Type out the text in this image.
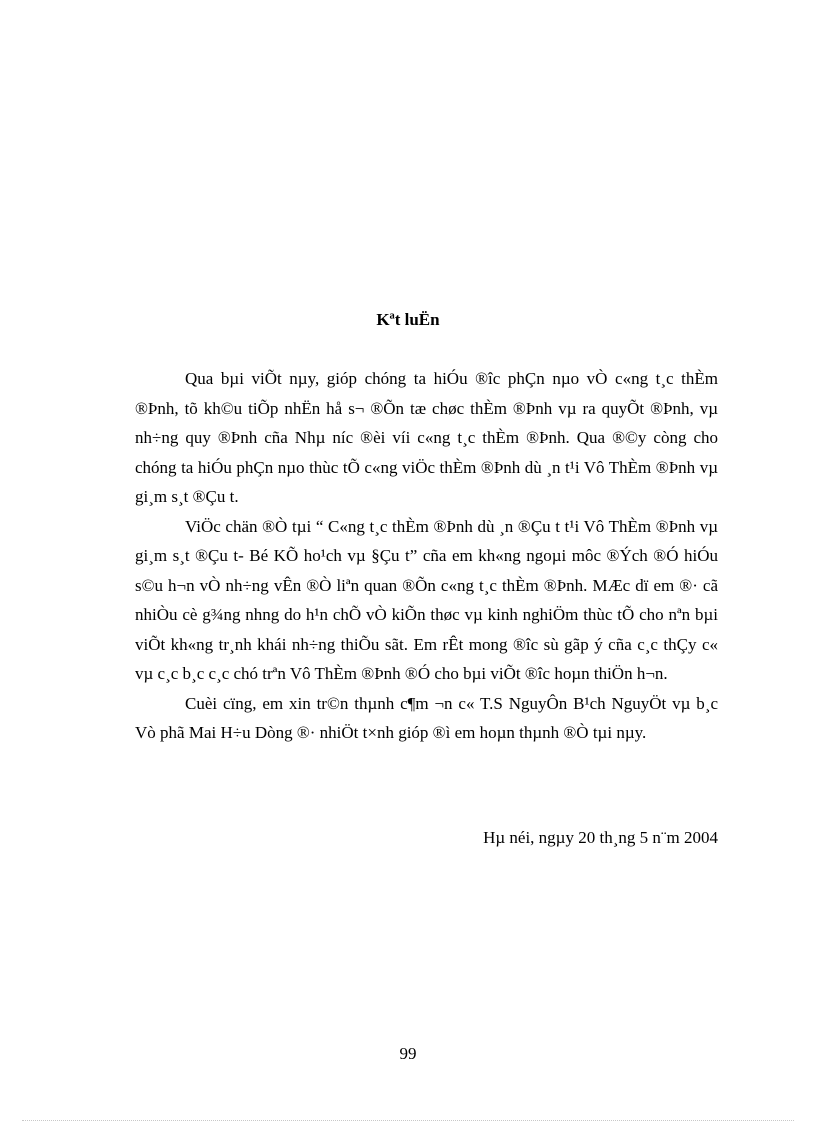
Kªt luËn

Qua bµi viÕt nµy, gióp chóng ta hiÓu ®îc phÇn nµo vÒ c«ng t¸c thÈm ®Þnh, tõ kh©u tiÕp nhËn hå s¬ ®Õn tæ chøc thÈm ®Þnh vµ ra quyÕt ®Þnh, vµ nh÷ng quy ®Þnh cña Nhµ níc ®èi víi c«ng t¸c thÈm ®Þnh. Qua ®©y còng cho chóng ta hiÓu phÇn nµo thùc tÕ c«ng viÖc thÈm ®Þnh dù ¸n t¹i Vô ThÈm ®Þnh vµ gi¸m s¸t ®Çu t.

ViÖc chän ®Ò tµi “ C«ng t¸c thÈm ®Þnh dù ¸n ®Çu t t¹i Vô ThÈm ®Þnh vµ gi¸m s¸t ®Çu t- Bé KÕ ho¹ch vµ §Çu t” cña em kh«ng ngoµi môc ®Ých ®Ó hiÓu s©u h¬n vÒ nh÷ng vÊn ®Ò liªn quan ®Õn c«ng t¸c thÈm ®Þnh. MÆc dï em ®· cã nhiÒu cè g¾ng nhng do h¹n chÕ vÒ kiÕn thøc vµ kinh nghiÖm thùc tÕ cho nªn bµi viÕt kh«ng tr¸nh khái nh÷ng thiÕu sãt. Em rÊt mong ®îc sù gãp ý cña c¸c thÇy c« vµ c¸c b¸c c¸c chó trªn Vô ThÈm ®Þnh ®Ó cho bµi viÕt ®îc hoµn thiÖn h¬n.

Cuèi cïng, em xin tr©n thµnh c¶m ¬n c« T.S NguyÔn B¹ch NguyÖt vµ b¸c Vò phã Mai H÷u Dòng ®· nhiÖt t×nh gióp ®ì em hoµn thµnh ®Ò tµi nµy.

Hµ néi, ngµy 20 th¸ng 5 n¨m 2004
99
